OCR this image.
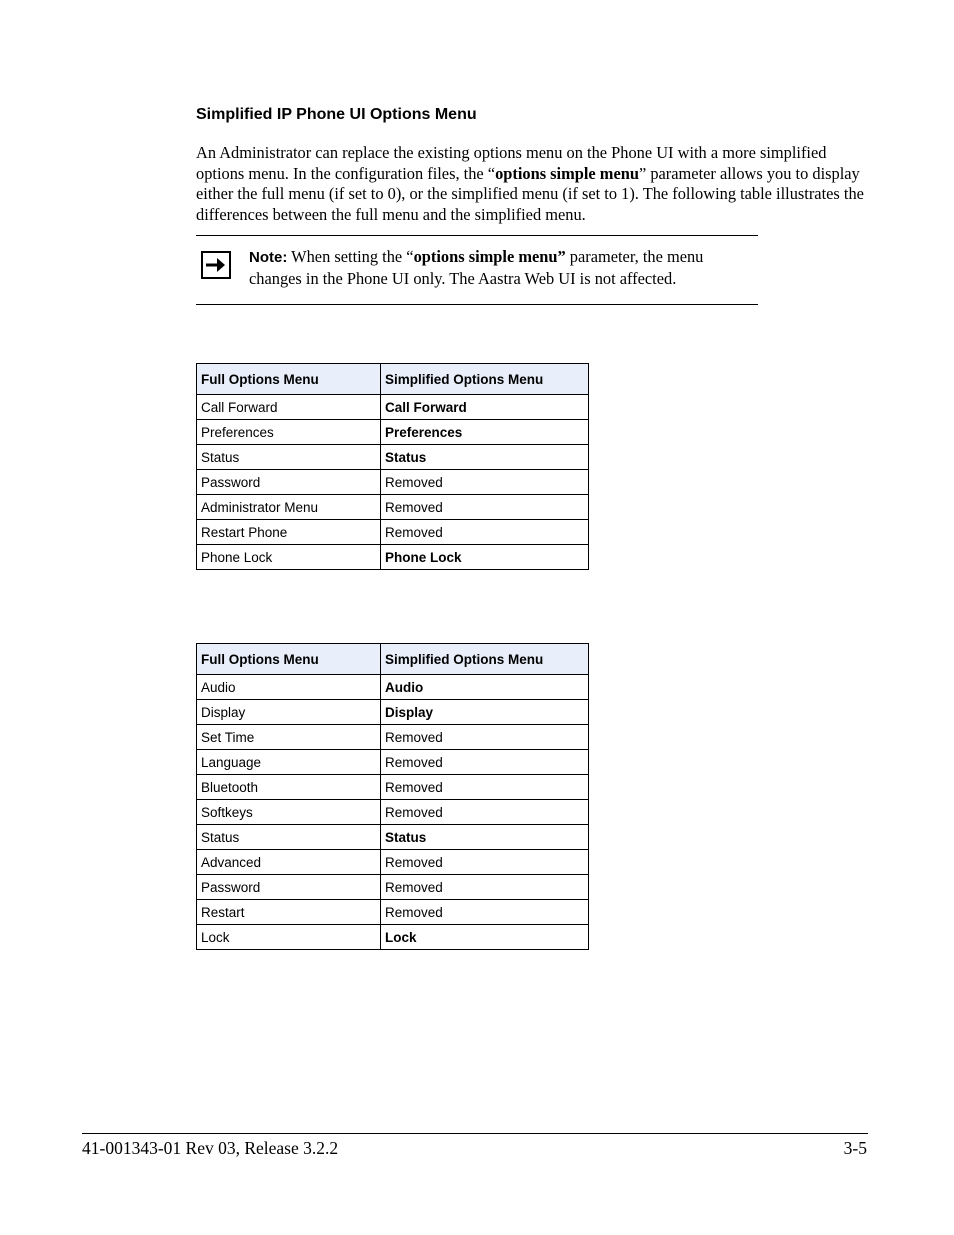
Simplified IP Phone UI Options Menu

An Administrator can replace the existing options menu on the Phone UI with a more simplified options menu. In the configuration files, the “options simple menu” parameter allows you to display either the full menu (if set to 0), or the simplified menu (if set to 1). The following table illustrates the differences between the full menu and the simplified menu.

Note: When setting the “options simple menu” parameter, the menu changes in the Phone UI only. The Aastra Web UI is not affected.

Full Options Menu	Simplified Options Menu
Call Forward	Call Forward
Preferences	Preferences
Status	Status
Password	Removed
Administrator Menu	Removed
Restart Phone	Removed
Phone Lock	Phone Lock
Full Options Menu	Simplified Options Menu
Audio	Audio
Display	Display
Set Time	Removed
Language	Removed
Bluetooth	Removed
Softkeys	Removed
Status	Status
Advanced	Removed
Password	Removed
Restart	Removed
Lock	Lock
41-001343-01 Rev 03, Release 3.2.2	3-5
